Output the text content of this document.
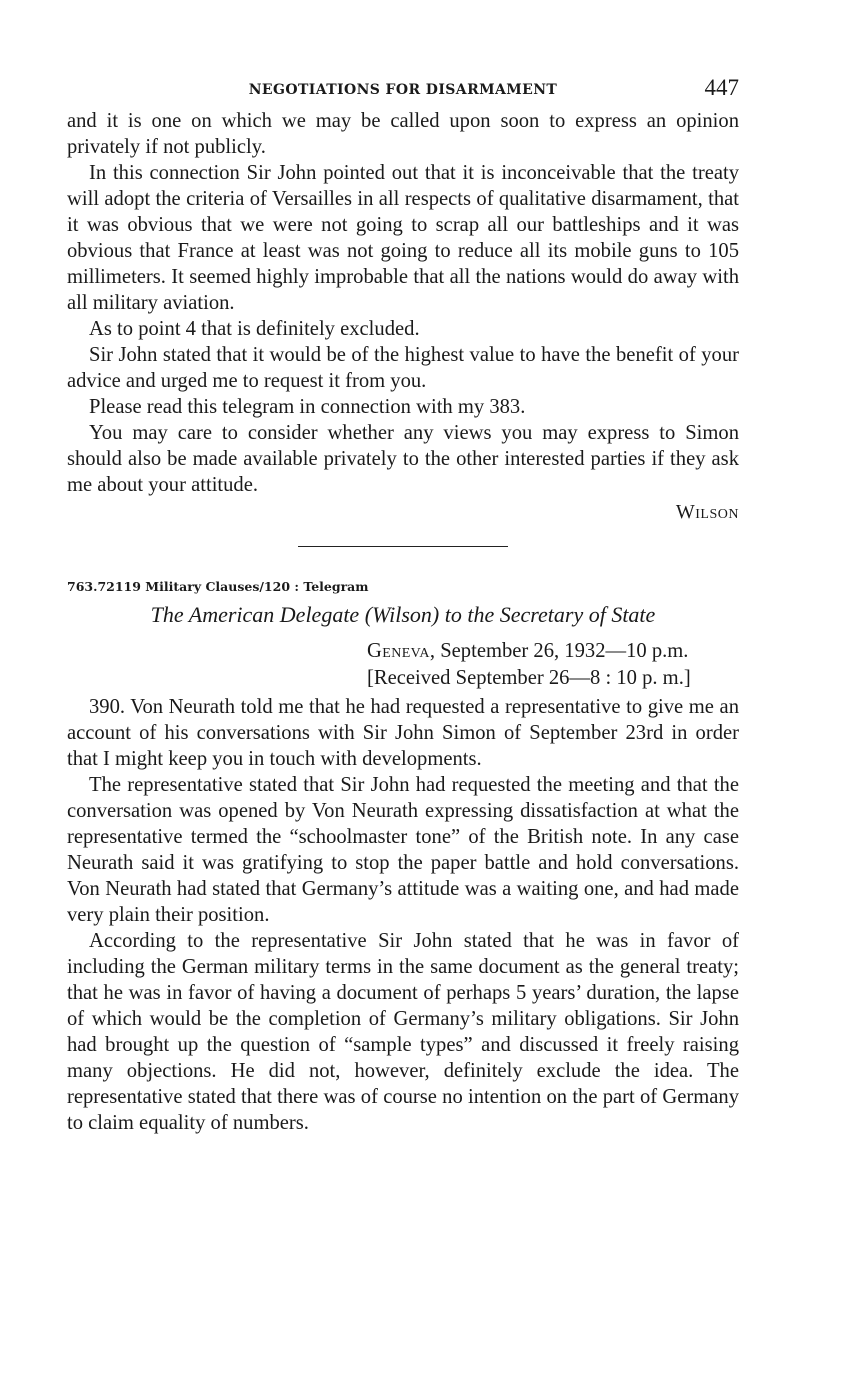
NEGOTIATIONS FOR DISARMAMENT	447

and it is one on which we may be called upon soon to express an opinion privately if not publicly.

In this connection Sir John pointed out that it is inconceivable that the treaty will adopt the criteria of Versailles in all respects of qualitative disarmament, that it was obvious that we were not going to scrap all our battleships and it was obvious that France at least was not going to reduce all its mobile guns to 105 millimeters. It seemed highly improbable that all the nations would do away with all military aviation.

As to point 4 that is definitely excluded.

Sir John stated that it would be of the highest value to have the benefit of your advice and urged me to request it from you.

Please read this telegram in connection with my 383.

You may care to consider whether any views you may express to Simon should also be made available privately to the other interested parties if they ask me about your attitude.

Wilson
763.72119 Military Clauses/120 : Telegram
The American Delegate (Wilson) to the Secretary of State
Geneva, September 26, 1932—10 p.m.
[Received September 26—8 : 10 p. m.]

390. Von Neurath told me that he had requested a representative to give me an account of his conversations with Sir John Simon of September 23rd in order that I might keep you in touch with developments.

The representative stated that Sir John had requested the meeting and that the conversation was opened by Von Neurath expressing dissatisfaction at what the representative termed the “schoolmaster tone” of the British note. In any case Neurath said it was gratifying to stop the paper battle and hold conversations. Von Neurath had stated that Germany’s attitude was a waiting one, and had made very plain their position.

According to the representative Sir John stated that he was in favor of including the German military terms in the same document as the general treaty; that he was in favor of having a document of perhaps 5 years’ duration, the lapse of which would be the completion of Germany’s military obligations. Sir John had brought up the question of “sample types” and discussed it freely raising many objections. He did not, however, definitely exclude the idea. The representative stated that there was of course no intention on the part of Germany to claim equality of numbers.
